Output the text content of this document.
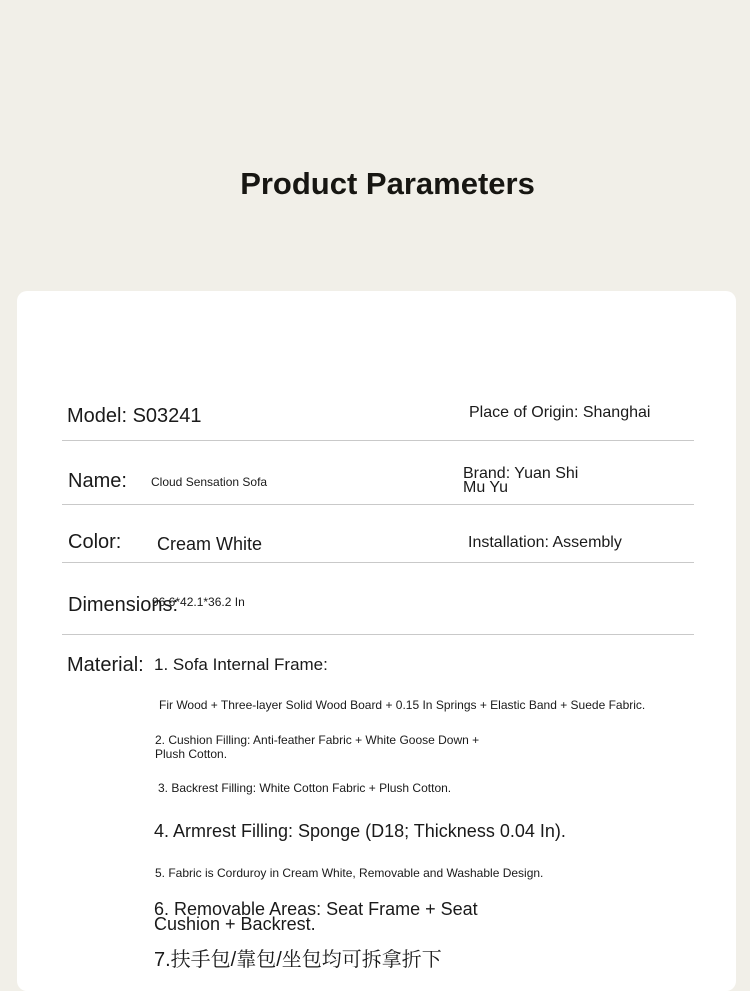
Product Parameters
Model: S03241	Place of Origin: Shanghai
Name: Cloud Sensation Sofa	Brand: Yuan Shi
Mu Yu
Color: Cream White	Installation: Assembly
Dimensions:
96.6*42.1*36.2 In
Material: 1. Sofa Internal Frame:
Fir Wood + Three-layer Solid Wood Board + 0.15 In Springs + Elastic Band + Suede Fabric.
2. Cushion Filling: Anti-feather Fabric + White Goose Down +
Plush Cotton.
3. Backrest Filling: White Cotton Fabric + Plush Cotton.
4. Armrest Filling: Sponge (D18; Thickness 0.04 In).
5. Fabric is Corduroy in Cream White, Removable and Washable Design.
6. Removable Areas: Seat Frame + Seat
Cushion + Backrest.
7.扶手包/靠包/坐包均可拆拿折下
